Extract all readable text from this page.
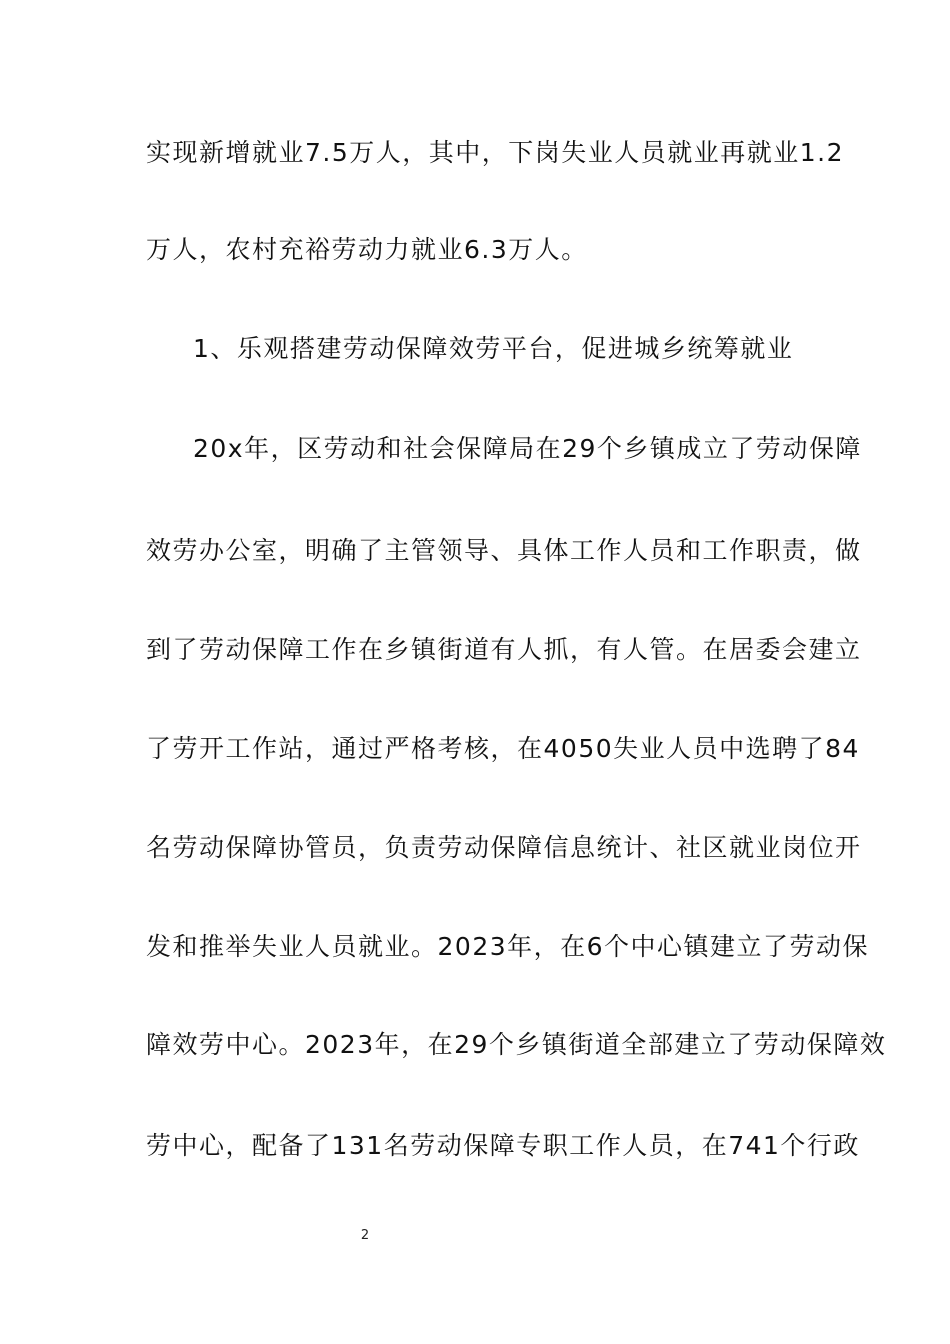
实现新增就业7.5万人，其中，下岗失业人员就业再就业1.2
万人，农村充裕劳动力就业6.3万人。
1、乐观搭建劳动保障效劳平台，促进城乡统筹就业
20x年，区劳动和社会保障局在29个乡镇成立了劳动保障
效劳办公室，明确了主管领导、具体工作人员和工作职责，做
到了劳动保障工作在乡镇街道有人抓，有人管。在居委会建立
了劳开工作站，通过严格考核，在4050失业人员中选聘了84
名劳动保障协管员，负责劳动保障信息统计、社区就业岗位开
发和推举失业人员就业。2023年，在6个中心镇建立了劳动保
障效劳中心。2023年，在29个乡镇街道全部建立了劳动保障效
劳中心，配备了131名劳动保障专职工作人员，在741个行政
2
